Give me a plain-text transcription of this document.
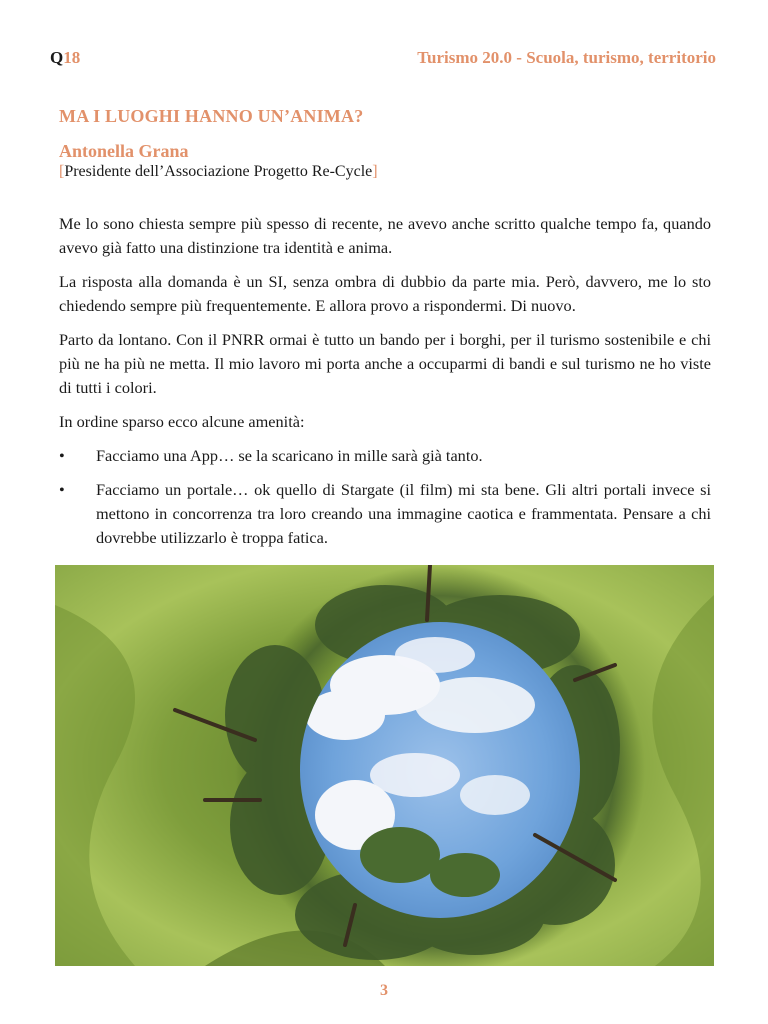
Q18	Turismo 20.0 - Scuola, turismo, territorio
MA I LUOGHI HANNO UN’ANIMA?
Antonella Grana

[Presidente dell’Associazione Progetto Re-Cycle]

Me lo sono chiesta sempre più spesso di recente, ne avevo anche scritto qualche tempo fa, quando avevo già fatto una distinzione tra identità e anima.

La risposta alla domanda è un SI, senza ombra di dubbio da parte mia. Però, davvero, me lo sto chiedendo sempre più frequentemente. E allora provo a rispondermi. Di nuovo.

Parto da lontano. Con il PNRR ormai è tutto un bando per i borghi, per il turismo sostenibile e chi più ne ha più ne metta. Il mio lavoro mi porta anche a occuparmi di bandi e sul turismo ne ho viste di tutti i colori.

In ordine sparso ecco alcune amenità:

• Facciamo una App… se la scaricano in mille sarà già tanto.
• Facciamo un portale… ok quello di Stargate (il film) mi sta bene. Gli altri portali invece si mettono in concorrenza tra loro creando una immagine caotica e frammentata. Pensare a chi dovrebbe utilizzarlo è troppa fatica.
3
